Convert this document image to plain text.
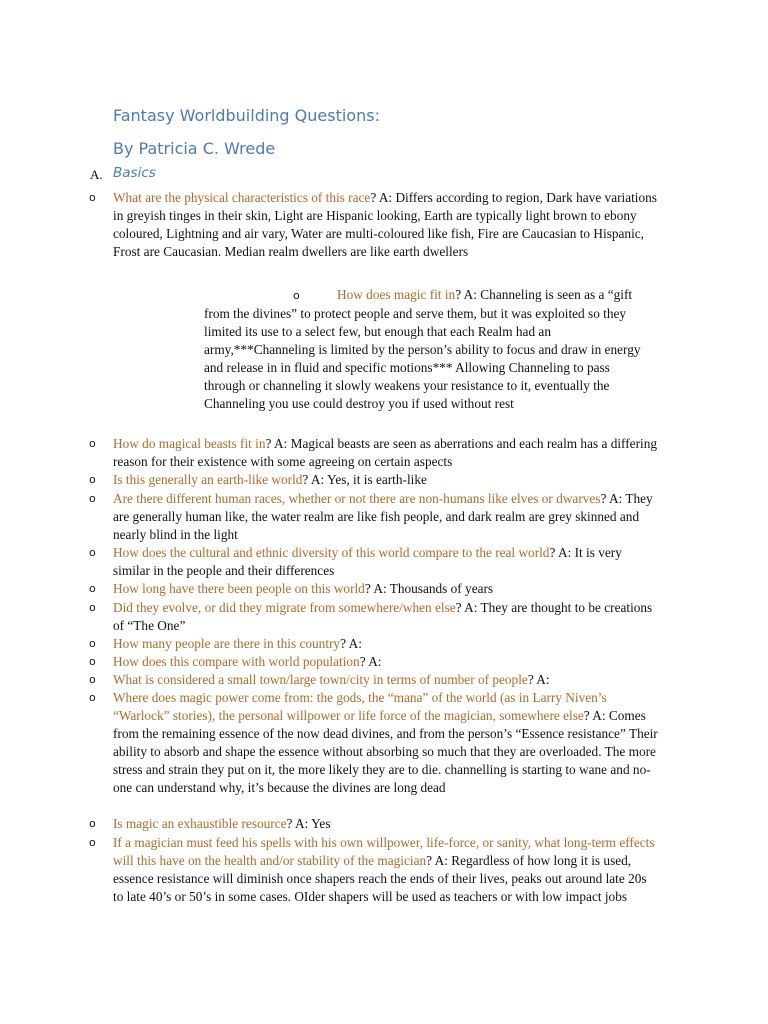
Fantasy Worldbuilding Questions:
By Patricia C. Wrede
A. Basics
o What are the physical characteristics of this race? A: Differs according to region, Dark have variations in greyish tinges in their skin, Light are Hispanic looking, Earth are typically light brown to ebony coloured, Lightning and air vary, Water are multi-coloured like fish, Fire are Caucasian to Hispanic, Frost are Caucasian. Median realm dwellers are like earth dwellers
o	How does magic fit in? A: Channeling is seen as a “gift from the divines” to protect people and serve them, but it was exploited so they limited its use to a select few, but enough that each Realm had an army,***Channeling is limited by the person’s ability to focus and draw in energy and release in in fluid and specific motions*** Allowing Channeling to pass through or channeling it slowly weakens your resistance to it, eventually the Channeling you use could destroy you if used without rest
o How do magical beasts fit in? A: Magical beasts are seen as aberrations and each realm has a differing reason for their existence with some agreeing on certain aspects
o Is this generally an earth-like world? A: Yes, it is earth-like
o Are there different human races, whether or not there are non-humans like elves or dwarves? A: They are generally human like, the water realm are like fish people, and dark realm are grey skinned and nearly blind in the light
o How does the cultural and ethnic diversity of this world compare to the real world? A: It is very similar in the people and their differences
o How long have there been people on this world? A: Thousands of years
o Did they evolve, or did they migrate from somewhere/when else? A: They are thought to be creations of “The One”
o How many people are there in this country? A:
o How does this compare with world population? A:
o What is considered a small town/large town/city in terms of number of people? A:
o Where does magic power come from: the gods, the “mana” of the world (as in Larry Niven’s “Warlock” stories), the personal willpower or life force of the magician, somewhere else? A: Comes from the remaining essence of the now dead divines, and from the person’s “Essence resistance” Their ability to absorb and shape the essence without absorbing so much that they are overloaded. The more stress and strain they put on it, the more likely they are to die. channelling is starting to wane and no-one can understand why, it’s because the divines are long dead
o Is magic an exhaustible resource? A: Yes
o If a magician must feed his spells with his own willpower, life-force, or sanity, what long-term effects will this have on the health and/or stability of the magician? A: Regardless of how long it is used, essence resistance will diminish once shapers reach the ends of their lives, peaks out around late 20s to late 40’s or 50’s in some cases. OIder shapers will be used as teachers or with low impact jobs
